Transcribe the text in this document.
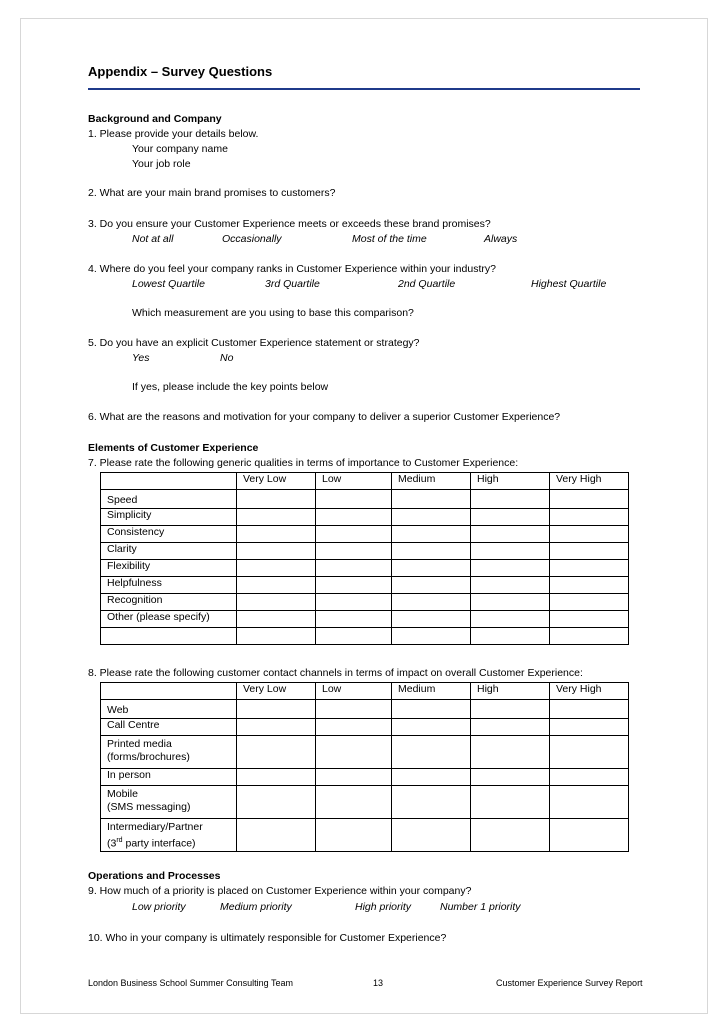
Appendix – Survey Questions
Background and Company
1. Please provide your details below.
Your company name
Your job role
2. What are your main brand promises to customers?
3. Do you ensure your Customer Experience meets or exceeds these brand promises?
Not at all	Occasionally	Most of the time	Always
4. Where do you feel your company ranks in Customer Experience within your industry?
Lowest Quartile	3rd Quartile	2nd Quartile	Highest Quartile
Which measurement are you using to base this comparison?
5. Do you have an explicit Customer Experience statement or strategy?
Yes	No
If yes, please include the key points below
6. What are the reasons and motivation for your company to deliver a superior Customer Experience?
Elements of Customer Experience
7. Please rate the following generic qualities in terms of importance to Customer Experience:
	Very Low	Low	Medium	High	Very High
Speed					
Simplicity					
Consistency					
Clarity					
Flexibility					
Helpfulness					
Recognition					
Other (please specify)					

8. Please rate the following customer contact channels in terms of impact on overall Customer Experience:
	Very Low	Low	Medium	High	Very High
Web					
Call Centre					
Printed media
(forms/brochures)					
In person					
Mobile
(SMS messaging)					
Intermediary/Partner
(3rd party interface)					
Operations and Processes
9. How much of a priority is placed on Customer Experience within your company?
Low priority	Medium priority	High priority	Number 1 priority
10. Who in your company is ultimately responsible for Customer Experience?
London Business School Summer Consulting Team	13	Customer Experience Survey Report
